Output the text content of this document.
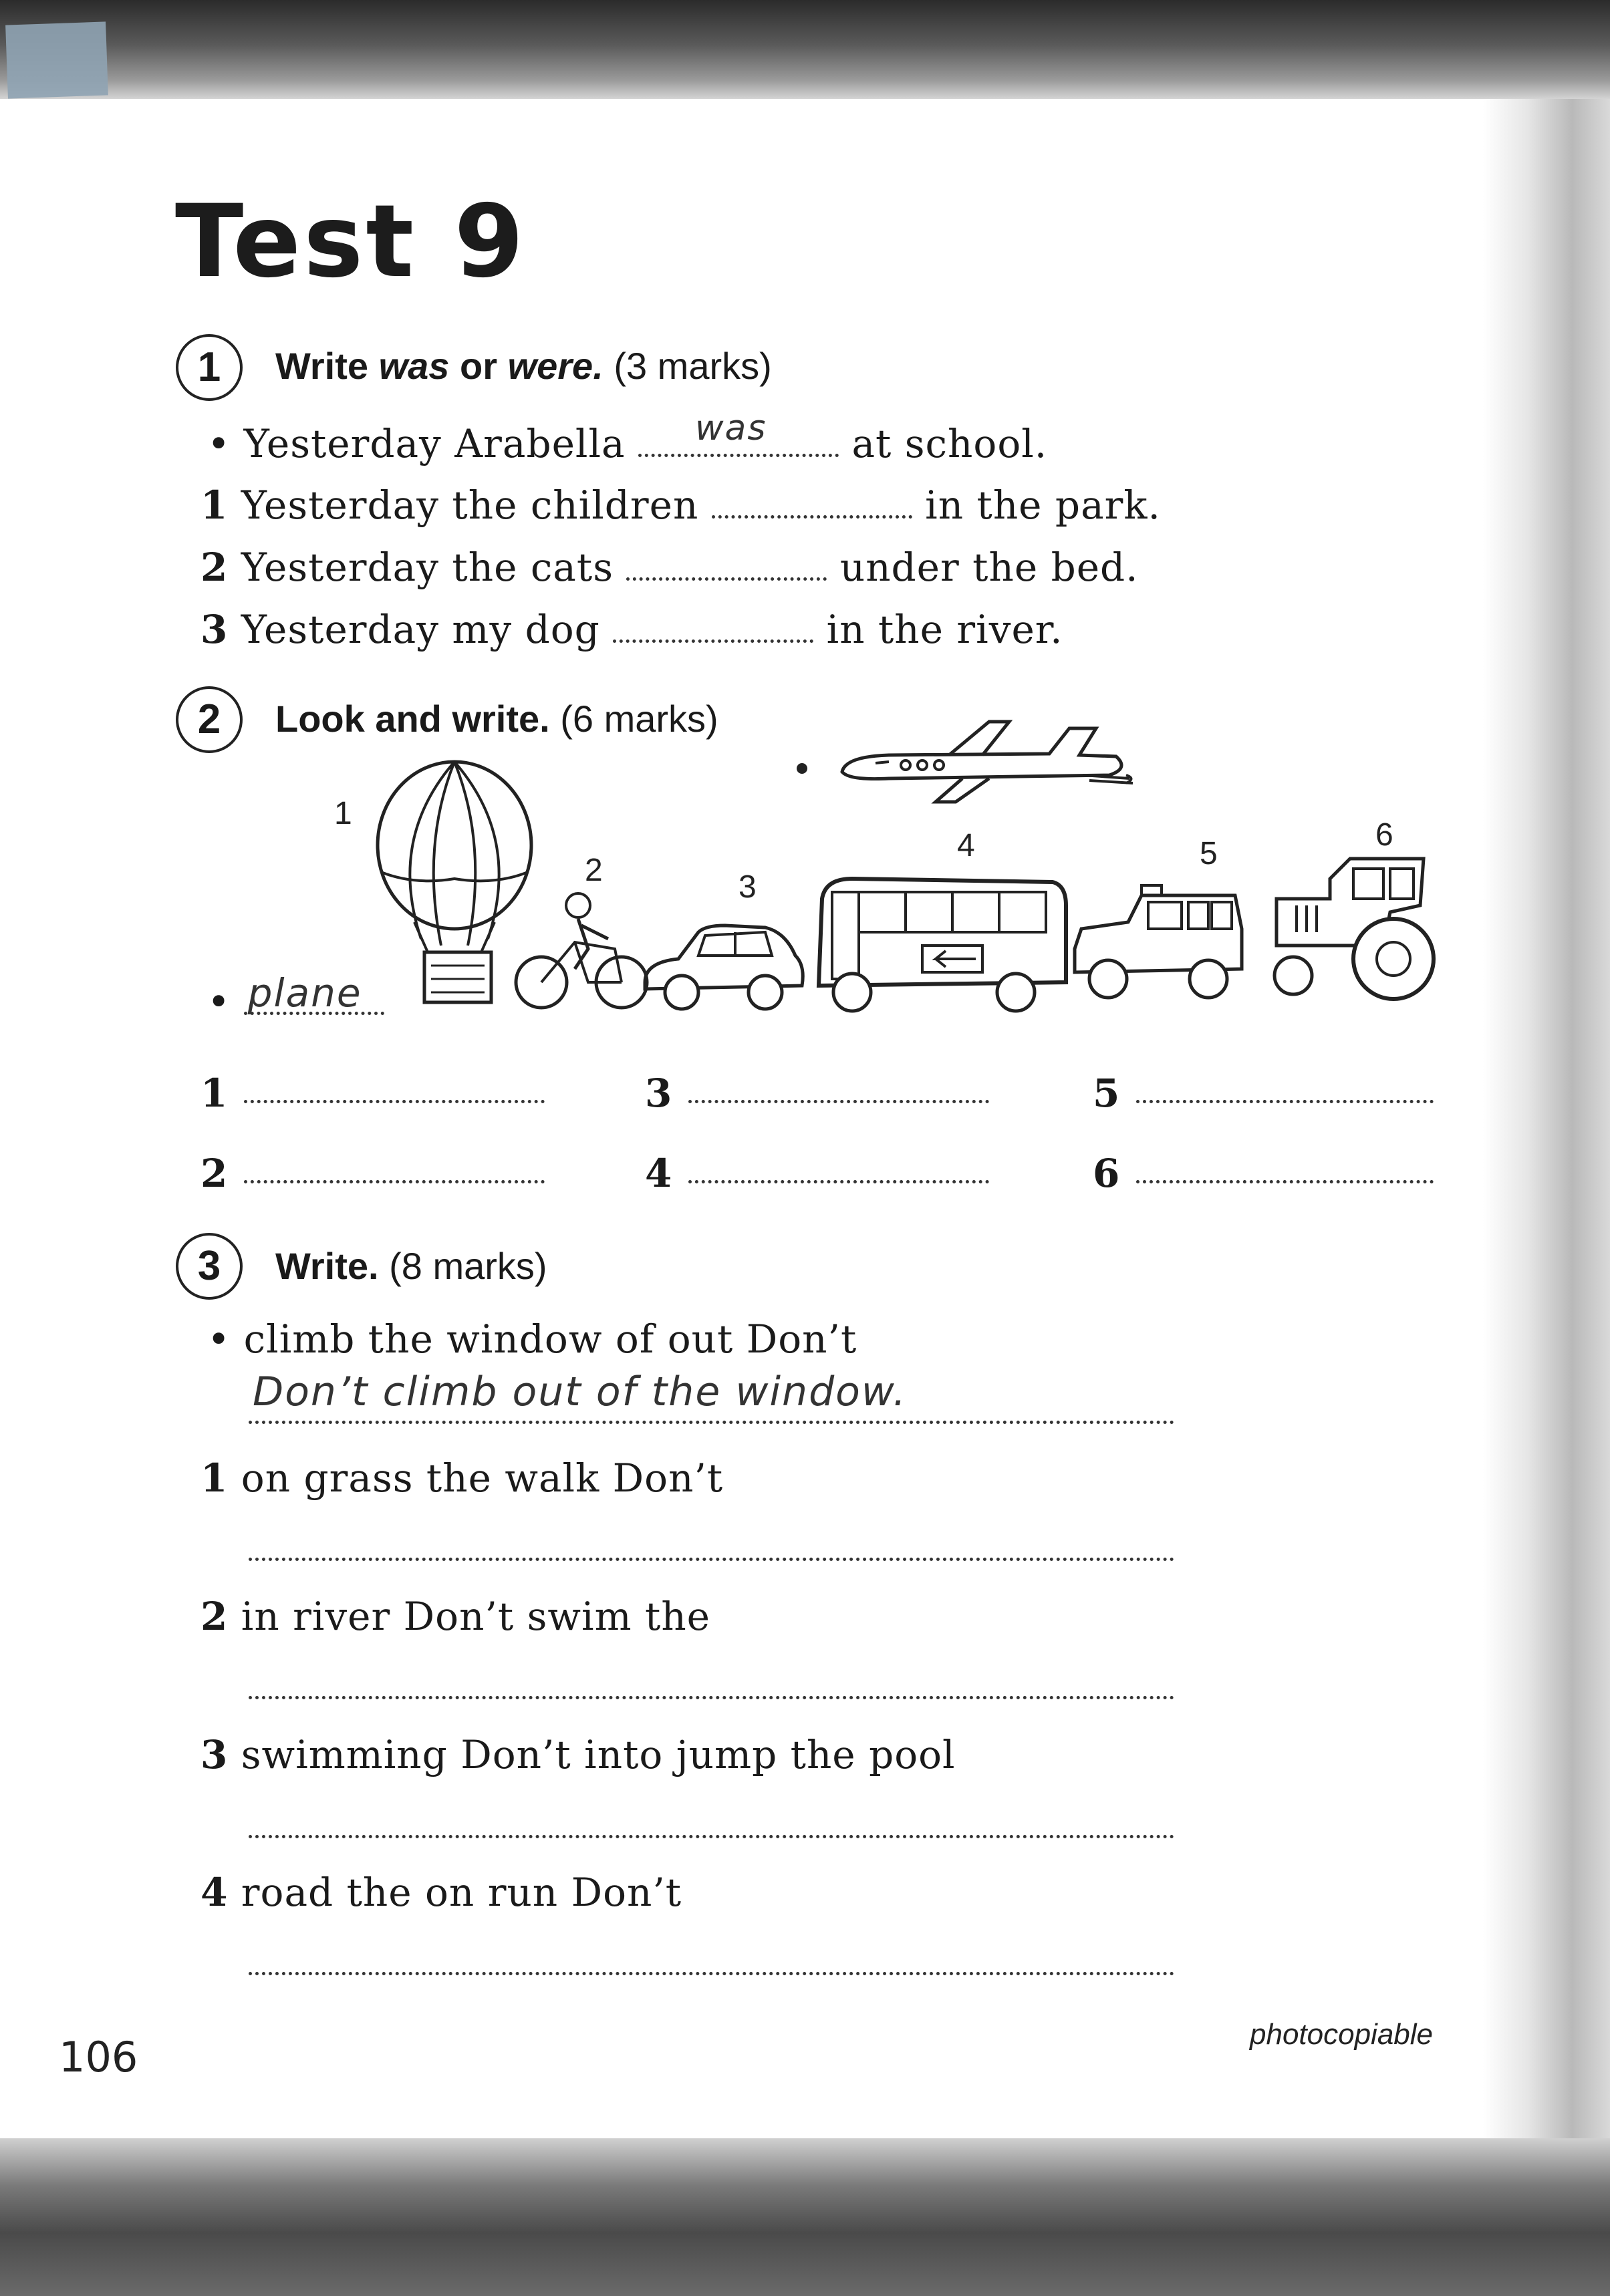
Test 9
1	Write was or were. (3 marks)
• Yesterday Arabella was at school.
1 Yesterday the children	in the park.
2 Yesterday the cats	under the bed.
3 Yesterday my dog	in the river.
2	Look and write. (6 marks)
1
2	3
4	5
6
• plane
1	3	5
2	4	6
3	Write. (8 marks)
• climb the window of out Don’t
Don’t climb out of the window.
1 on grass the walk Don’t
2 in river Don’t swim the
3 swimming Don’t into jump the pool
4 road the on run Don’t
106	photocopiable
